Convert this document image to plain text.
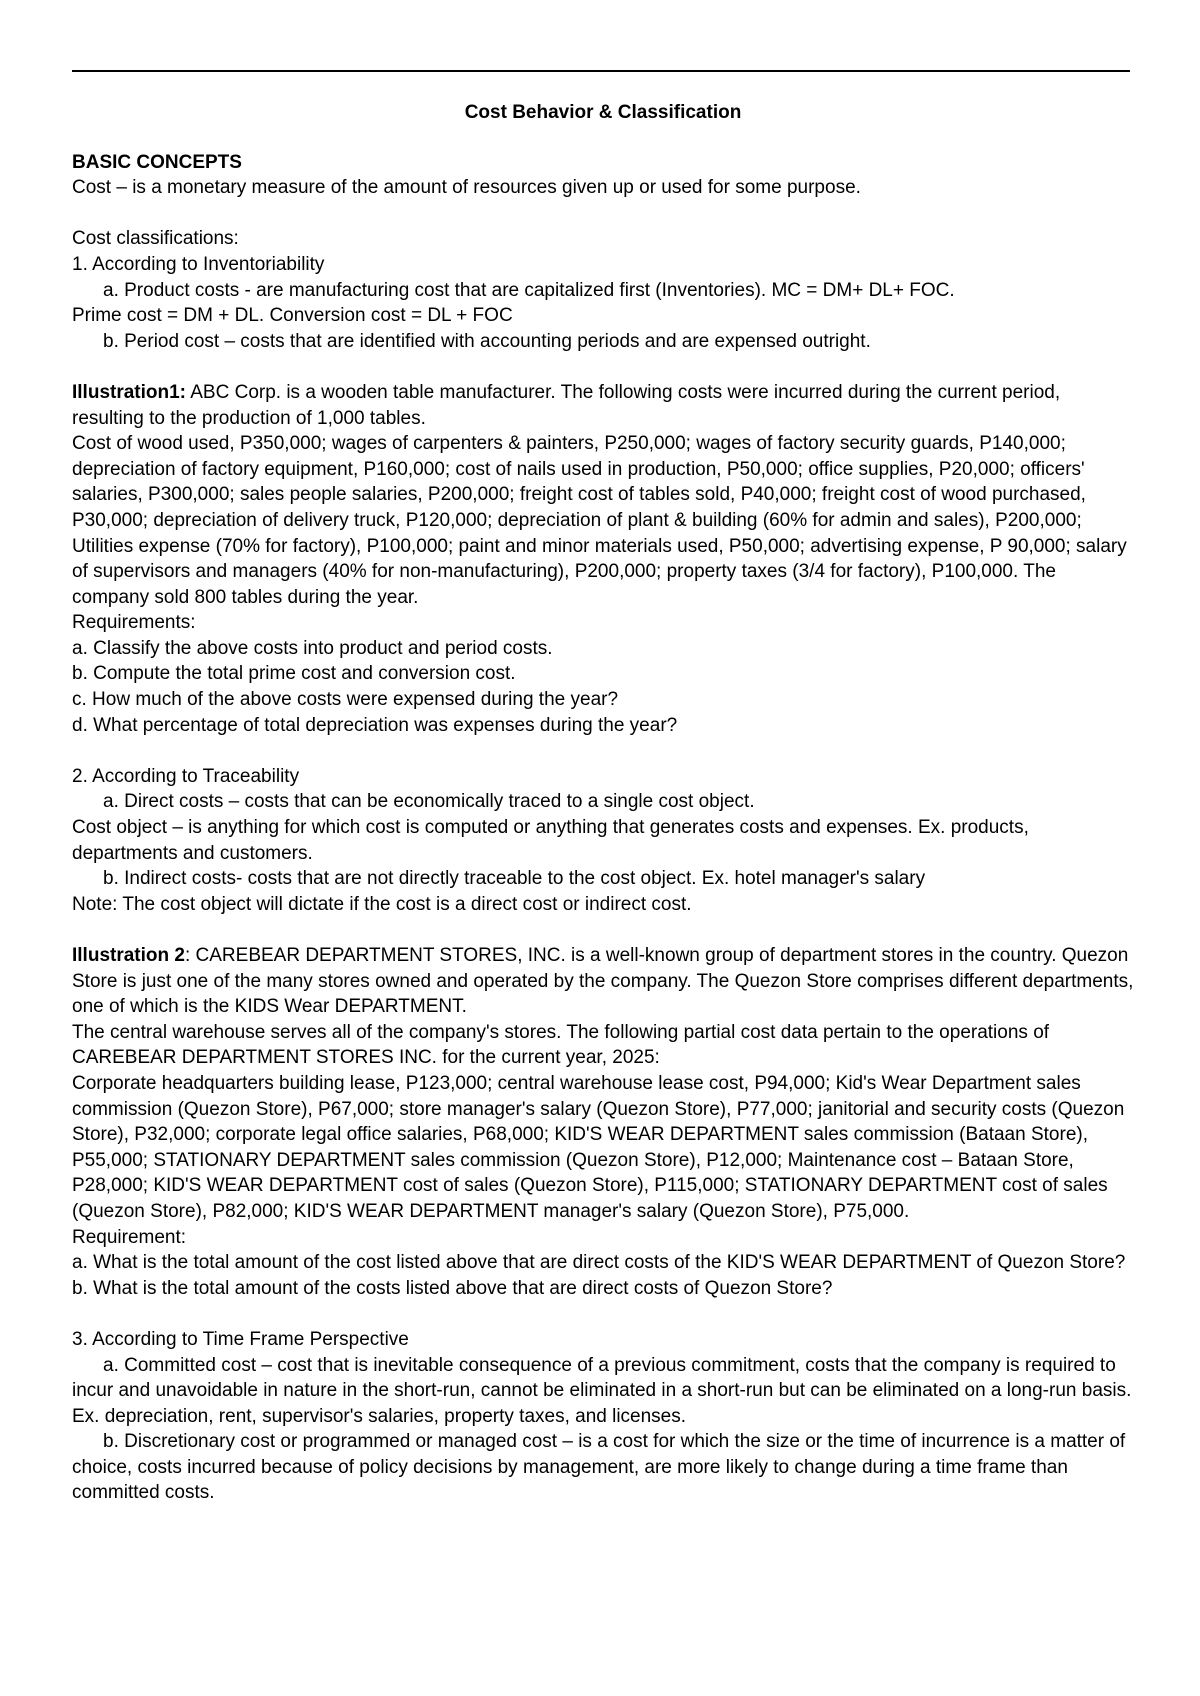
Cost Behavior & Classification

BASIC CONCEPTS

Cost – is a monetary measure of the amount of resources given up or used for some purpose.

Cost classifications:

1. According to Inventoriability

a. Product costs - are manufacturing cost that are capitalized first (Inventories). MC = DM+ DL+ FOC.

Prime cost = DM + DL. Conversion cost = DL + FOC

b. Period cost – costs that are identified with accounting periods and are expensed outright.

Illustration1: ABC Corp. is a wooden table manufacturer. The following costs were incurred during the current period, resulting to the production of 1,000 tables.

Cost of wood used, P350,000; wages of carpenters & painters, P250,000; wages of factory security guards, P140,000; depreciation of factory equipment, P160,000; cost of nails used in production, P50,000; office supplies, P20,000; officers' salaries, P300,000; sales people salaries, P200,000; freight cost of tables sold, P40,000; freight cost of wood purchased, P30,000; depreciation of delivery truck, P120,000; depreciation of plant & building (60% for admin and sales), P200,000; Utilities expense (70% for factory), P100,000; paint and minor materials used, P50,000; advertising expense, P 90,000; salary of supervisors and managers (40% for non-manufacturing), P200,000; property taxes (3/4 for factory), P100,000. The company sold 800 tables during the year.

Requirements:

a. Classify the above costs into product and period costs.

b. Compute the total prime cost and conversion cost.

c. How much of the above costs were expensed during the year?

d. What percentage of total depreciation was expenses during the year?

2. According to Traceability

a. Direct costs – costs that can be economically traced to a single cost object.

Cost object – is anything for which cost is computed or anything that generates costs and expenses. Ex. products, departments and customers.

b. Indirect costs- costs that are not directly traceable to the cost object. Ex. hotel manager's salary

Note: The cost object will dictate if the cost is a direct cost or indirect cost.

Illustration 2: CAREBEAR DEPARTMENT STORES, INC. is a well-known group of department stores in the country. Quezon Store is just one of the many stores owned and operated by the company. The Quezon Store comprises different departments, one of which is the KIDS Wear DEPARTMENT.

The central warehouse serves all of the company's stores. The following partial cost data pertain to the operations of CAREBEAR DEPARTMENT STORES INC. for the current year, 2025:

Corporate headquarters building lease, P123,000; central warehouse lease cost, P94,000; Kid's Wear Department sales commission (Quezon Store), P67,000; store manager's salary (Quezon Store), P77,000; janitorial and security costs (Quezon Store), P32,000; corporate legal office salaries, P68,000; KID'S WEAR DEPARTMENT sales commission (Bataan Store), P55,000; STATIONARY DEPARTMENT sales commission (Quezon Store), P12,000; Maintenance cost – Bataan Store, P28,000; KID'S WEAR DEPARTMENT cost of sales (Quezon Store), P115,000; STATIONARY DEPARTMENT cost of sales (Quezon Store), P82,000; KID'S WEAR DEPARTMENT manager's salary (Quezon Store), P75,000.

Requirement:

a. What is the total amount of the cost listed above that are direct costs of the KID'S WEAR DEPARTMENT of Quezon Store?

b. What is the total amount of the costs listed above that are direct costs of Quezon Store?

3. According to Time Frame Perspective

a. Committed cost – cost that is inevitable consequence of a previous commitment, costs that the company is required to incur and unavoidable in nature in the short-run, cannot be eliminated in a short-run but can be eliminated on a long-run basis.

Ex. depreciation, rent, supervisor's salaries, property taxes, and licenses.

b. Discretionary cost or programmed or managed cost – is a cost for which the size or the time of incurrence is a matter of choice, costs incurred because of policy decisions by management, are more likely to change during a time frame than committed costs.
